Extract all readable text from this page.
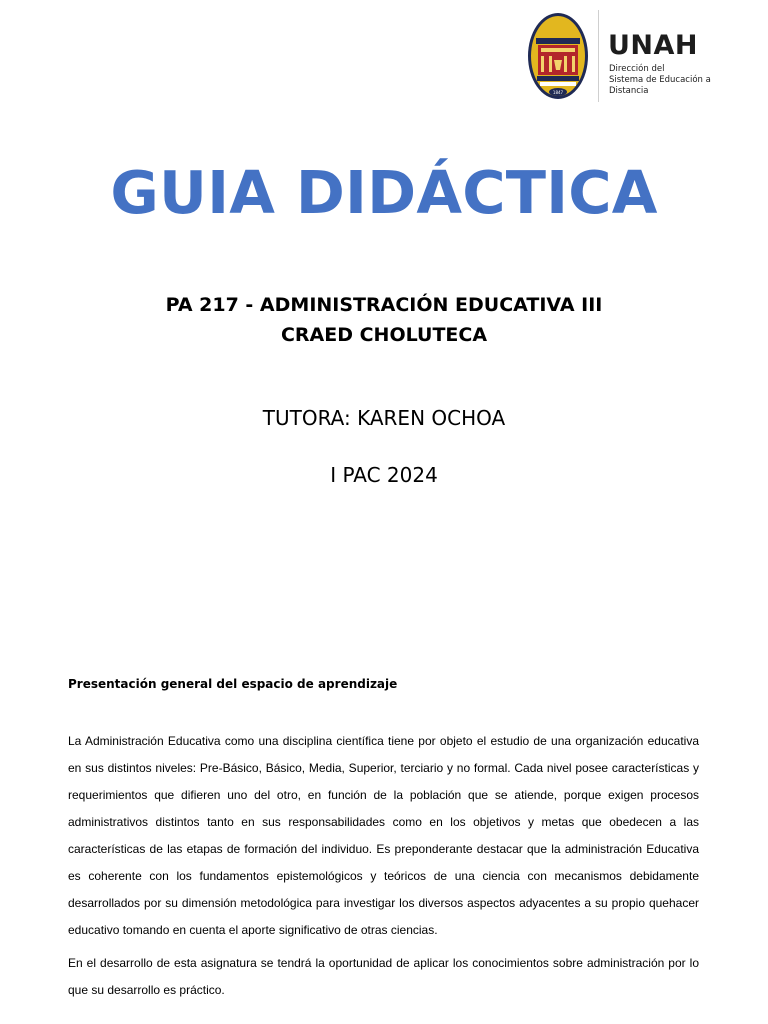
1847
UNAH
Dirección del
Sistema de Educación a
Distancia
GUIA DIDÁCTICA
PA 217 - ADMINISTRACIÓN EDUCATIVA III
CRAED CHOLUTECA
TUTORA: KAREN OCHOA
I PAC 2024
Presentación general del espacio de aprendizaje
La Administración Educativa como una disciplina científica tiene por objeto el estudio de una organización educativa en sus distintos niveles: Pre-Básico, Básico, Media, Superior, terciario y no formal. Cada nivel posee características y requerimientos que difieren uno del otro, en función de la población que se atiende, porque exigen procesos administrativos distintos tanto en sus responsabilidades como en los objetivos y metas que obedecen a las características de las etapas de formación del individuo. Es preponderante destacar que la administración Educativa es coherente con los fundamentos epistemológicos y teóricos de una ciencia con mecanismos debidamente desarrollados por su dimensión metodológica para investigar los diversos aspectos adyacentes a su propio quehacer educativo tomando en cuenta el aporte significativo de otras ciencias.
En el desarrollo de esta asignatura se tendrá la oportunidad de aplicar los conocimientos sobre administración por lo que su desarrollo es práctico.
